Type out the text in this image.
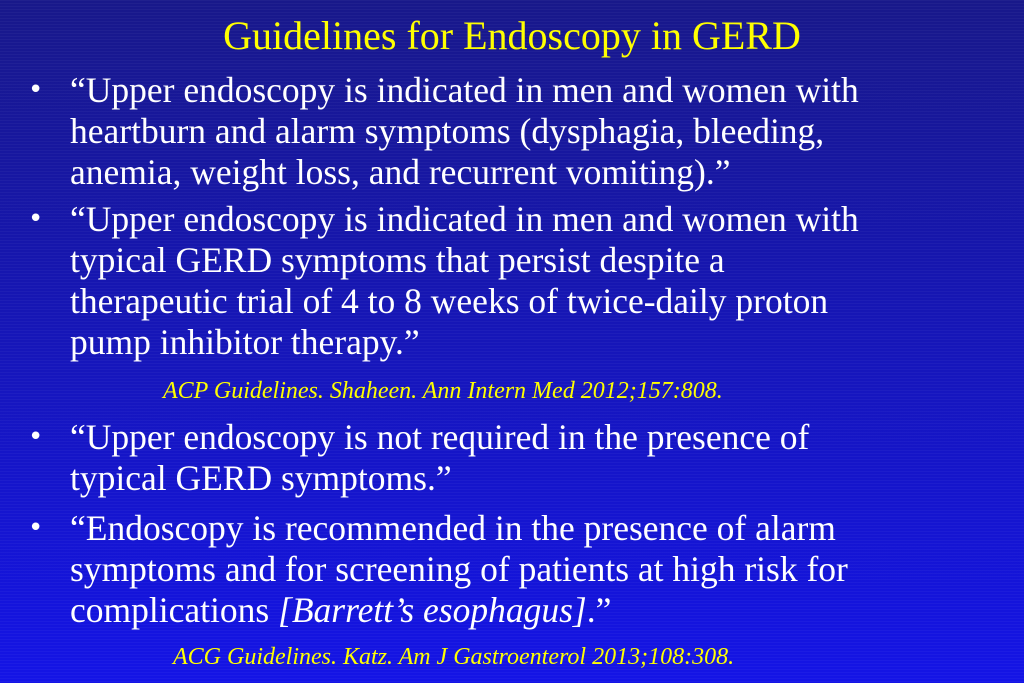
Guidelines for Endoscopy in GERD
• “Upper endoscopy is indicated in men and women with
heartburn and alarm symptoms (dysphagia, bleeding,
anemia, weight loss, and recurrent vomiting).”
• “Upper endoscopy is indicated in men and women with
typical GERD symptoms that persist despite a
therapeutic trial of 4 to 8 weeks of twice-daily proton
pump inhibitor therapy.”
ACP Guidelines. Shaheen. Ann Intern Med 2012;157:808.
• “Upper endoscopy is not required in the presence of
typical GERD symptoms.”
• “Endoscopy is recommended in the presence of alarm
symptoms and for screening of patients at high risk for
complications [Barrett’s esophagus].”
ACG Guidelines. Katz. Am J Gastroenterol 2013;108:308.
